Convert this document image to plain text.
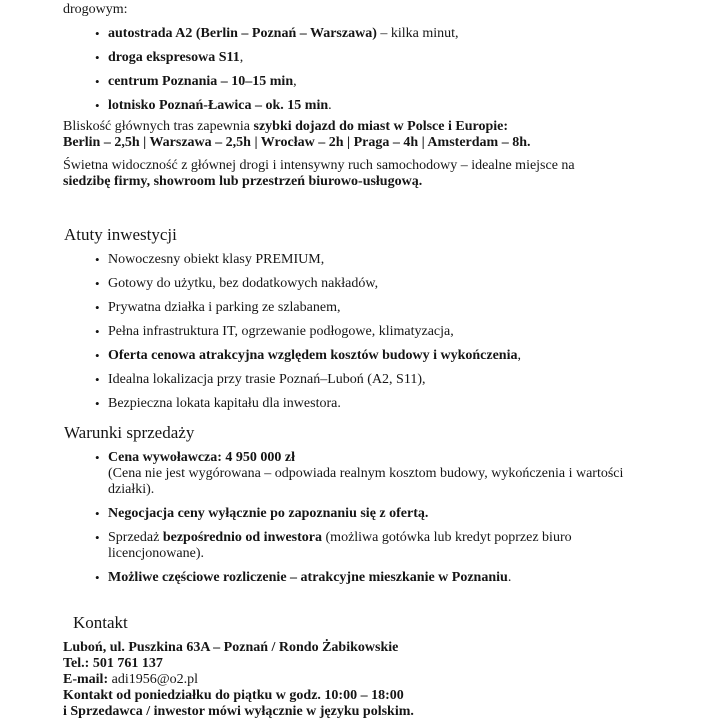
drogowym:
• autostrada A2 (Berlin – Poznań – Warszawa) – kilka minut,
• droga ekspresowa S11,
• centrum Poznania – 10–15 min,
• lotnisko Poznań-Ławica – ok. 15 min.
Bliskość głównych tras zapewnia szybki dojazd do miast w Polsce i Europie:
Berlin – 2,5h | Warszawa – 2,5h | Wrocław – 2h | Praga – 4h | Amsterdam – 8h.
Świetna widoczność z głównej drogi i intensywny ruch samochodowy – idealne miejsce na
siedzibę firmy, showroom lub przestrzeń biurowo-usługową.
Atuty inwestycji
• Nowoczesny obiekt klasy PREMIUM,
• Gotowy do użytku, bez dodatkowych nakładów,
• Prywatna działka i parking ze szlabanem,
• Pełna infrastruktura IT, ogrzewanie podłogowe, klimatyzacja,
• Oferta cenowa atrakcyjna względem kosztów budowy i wykończenia,
• Idealna lokalizacja przy trasie Poznań–Luboń (A2, S11),
• Bezpieczna lokata kapitału dla inwestora.
Warunki sprzedaży
• Cena wywoławcza: 4 950 000 zł
(Cena nie jest wygórowana – odpowiada realnym kosztom budowy, wykończenia i wartości
działki).
• Negocjacja ceny wyłącznie po zapoznaniu się z ofertą.
• Sprzedaż bezpośrednio od inwestora (możliwa gotówka lub kredyt poprzez biuro
licencjonowane).
• Możliwe częściowe rozliczenie – atrakcyjne mieszkanie w Poznaniu.
Kontakt
Luboń, ul. Puszkina 63A – Poznań / Rondo Żabikowskie
Tel.: 501 761 137
E-mail: adi1956@o2.pl
Kontakt od poniedziałku do piątku w godz. 10:00 – 18:00
i Sprzedawca / inwestor mówi wyłącznie w języku polskim.
